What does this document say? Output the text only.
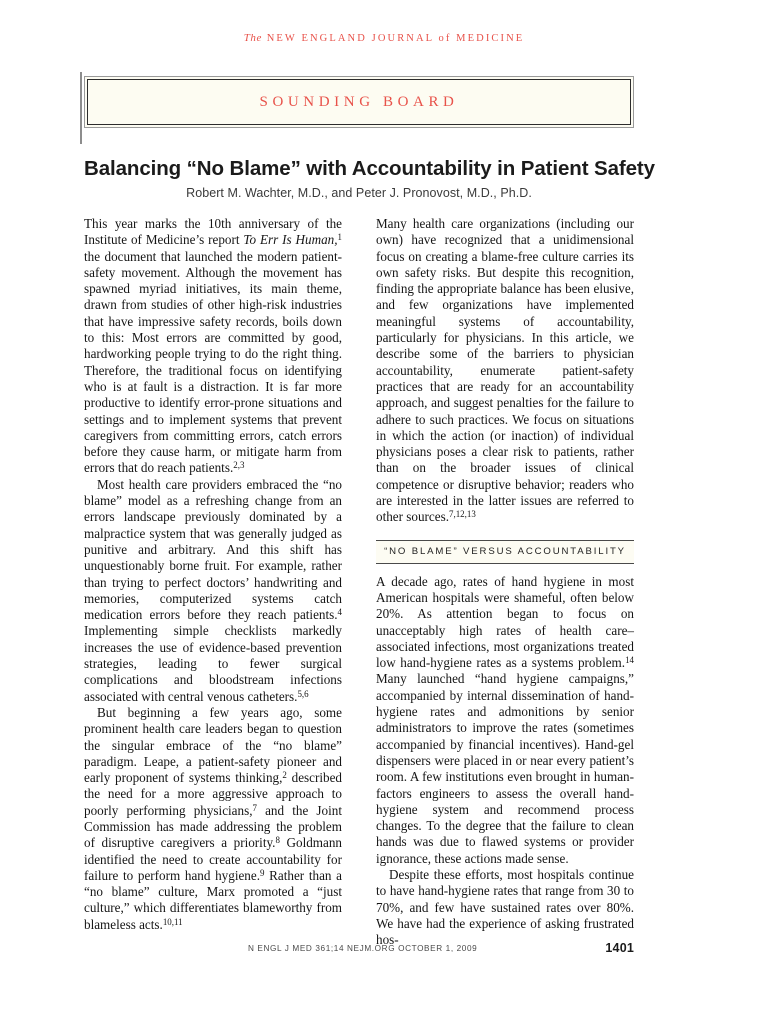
The NEW ENGLAND JOURNAL of MEDICINE
SOUNDING BOARD
Balancing “No Blame” with Accountability in Patient Safety
Robert M. Wachter, M.D., and Peter J. Pronovost, M.D., Ph.D.

This year marks the 10th anniversary of the Institute of Medicine’s report To Err Is Human,$^1$ the document that launched the modern patient-safety movement. Although the movement has spawned myriad initiatives, its main theme, drawn from studies of other high-risk industries that have impressive safety records, boils down to this: Most errors are committed by good, hardworking people trying to do the right thing. Therefore, the traditional focus on identifying who is at fault is a distraction. It is far more productive to identify error-prone situations and settings and to implement systems that prevent caregivers from committing errors, catch errors before they cause harm, or mitigate harm from errors that do reach patients.$^{2,3}$

Most health care providers embraced the “no blame” model as a refreshing change from an errors landscape previously dominated by a malpractice system that was generally judged as punitive and arbitrary. And this shift has unquestionably borne fruit. For example, rather than trying to perfect doctors’ handwriting and memories, computerized systems catch medication errors before they reach patients.$^4$ Implementing simple checklists markedly increases the use of evidence-based prevention strategies, leading to fewer surgical complications and bloodstream infections associated with central venous catheters.$^{5,6}$

But beginning a few years ago, some prominent health care leaders began to question the singular embrace of the “no blame” paradigm. Leape, a patient-safety pioneer and early proponent of systems thinking,$^2$ described the need for a more aggressive approach to poorly performing physicians,$^7$ and the Joint Commission has made addressing the problem of disruptive caregivers a priority.$^8$ Goldmann identified the need to create accountability for failure to perform hand hygiene.$^9$ Rather than a “no blame” culture, Marx promoted a “just culture,” which differentiates blameworthy from blameless acts.$^{10,11}$

Many health care organizations (including our own) have recognized that a unidimensional focus on creating a blame-free culture carries its own safety risks. But despite this recognition, finding the appropriate balance has been elusive, and few organizations have implemented meaningful systems of accountability, particularly for physicians. In this article, we describe some of the barriers to physician accountability, enumerate patient-safety practices that are ready for an accountability approach, and suggest penalties for the failure to adhere to such practices. We focus on situations in which the action (or inaction) of individual physicians poses a clear risk to patients, rather than on the broader issues of clinical competence or disruptive behavior; readers who are interested in the latter issues are referred to other sources.$^{7,12,13}$

“NO BLAME” VERSUS ACCOUNTABILITY

A decade ago, rates of hand hygiene in most American hospitals were shameful, often below 20%. As attention began to focus on unacceptably high rates of health care–associated infections, most organizations treated low hand-hygiene rates as a systems problem.$^{14}$ Many launched “hand hygiene campaigns,” accompanied by internal dissemination of hand-hygiene rates and admonitions by senior administrators to improve the rates (sometimes accompanied by financial incentives). Hand-gel dispensers were placed in or near every patient’s room. A few institutions even brought in human-factors engineers to assess the overall hand-hygiene system and recommend process changes. To the degree that the failure to clean hands was due to flawed systems or provider ignorance, these actions made sense.

Despite these efforts, most hospitals continue to have hand-hygiene rates that range from 30 to 70%, and few have sustained rates over 80%. We have had the experience of asking frustrated hos-

N ENGL J MED 361;14 NEJM.ORG OCTOBER 1, 2009	1401
